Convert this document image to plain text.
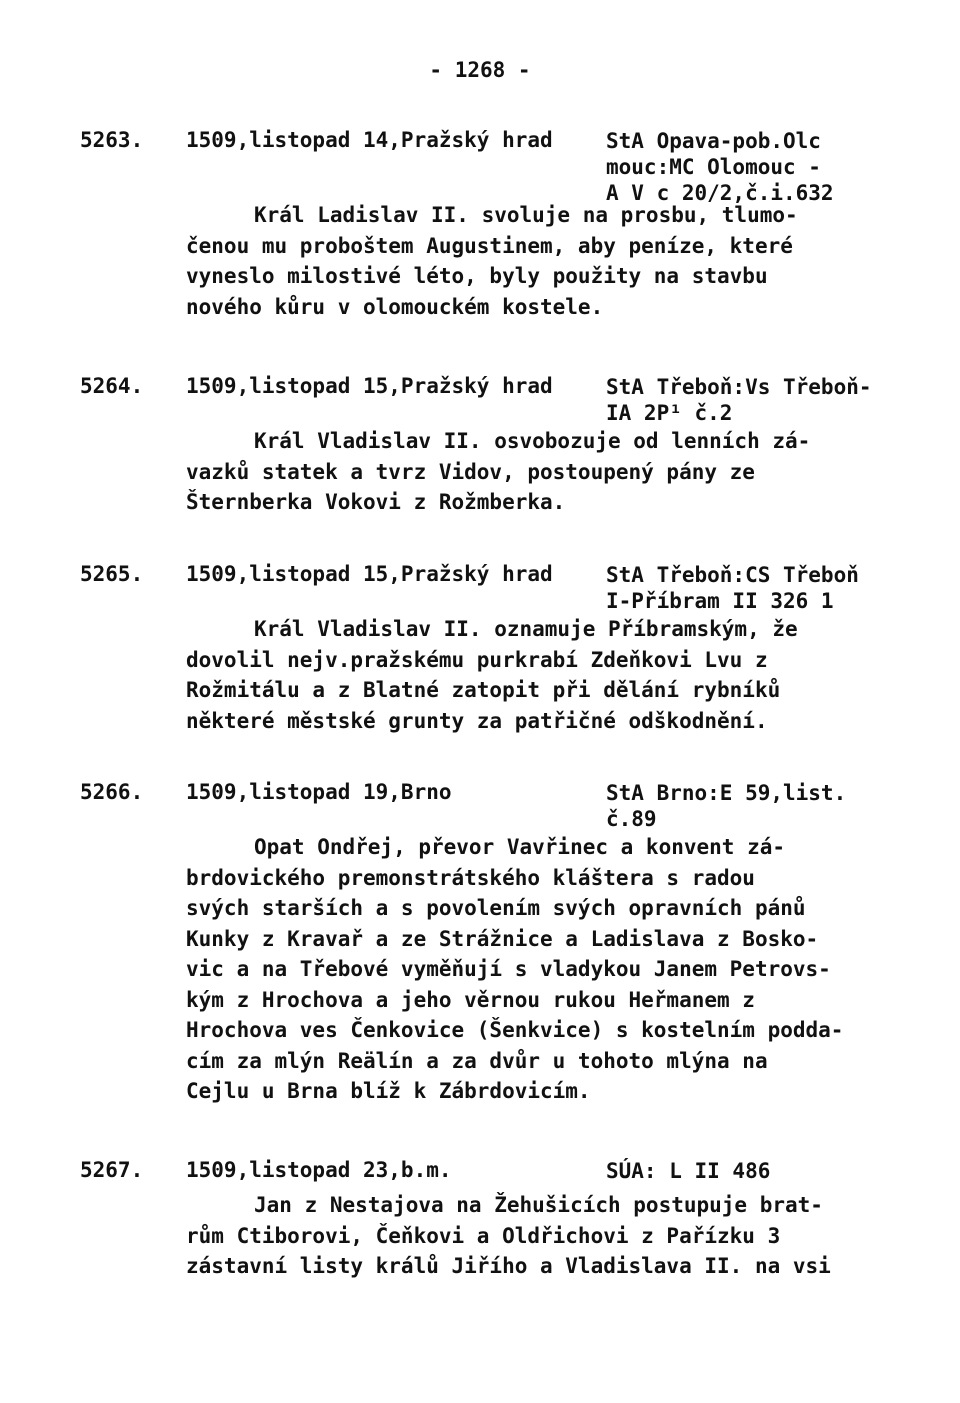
- 1268 -
5263. 1509,listopad 14,Pražský hrad	StA Opava-pob.Olc
mouc:MC Olomouc -
A V c 20/2,č.i.632
Král Ladislav II. svoluje na prosbu, tlumo-
čenou mu proboštem Augustinem, aby peníze, které
vyneslo milostivé léto, byly použity na stavbu
nového kůru v olomouckém kostele.
5264. 1509,listopad 15,Pražský hrad	StA Třeboň:Vs Třeboň-
IA 2P¹ č.2
Král Vladislav II. osvobozuje od lenních zá-
vazků statek a tvrz Vidov, postoupený pány ze
Šternberka Vokovi z Rožmberka.
5265. 1509,listopad 15,Pražský hrad	StA Třeboň:CS Třeboň
I-Příbram II 326 1
Král Vladislav II. oznamuje Příbramským, že
dovolil nejv.pražskému purkrabí Zdeňkovi Lvu z
Rožmitálu a z Blatné zatopit při dělání rybníků
některé městské grunty za patřičné odškodnění.
5266. 1509,listopad 19,Brno	StA Brno:E 59,list.
č.89
Opat Ondřej, převor Vavřinec a konvent zá-
brdovického premonstrátského kláštera s radou
svých starších a s povolením svých opravních pánů
Kunky z Kravař a ze Strážnice a Ladislava z Bosko-
vic a na Třebové vyměňují s vladykou Janem Petrovs-
kým z Hrochova a jeho věrnou rukou Heřmanem z
Hrochova ves Čenkovice (Šenkvice) s kostelním podda-
cím za mlýn Reälín a za dvůr u tohoto mlýna na
Cejlu u Brna blíž k Zábrdovicím.
5267. 1509,listopad 23,b.m.	SÚA: L II 486
Jan z Nestajova na Žehušicích postupuje brat-
rům Ctiborovi, Čeňkovi a Oldřichovi z Pařízku 3
zástavní listy králů Jiřího a Vladislava II. na vsi
